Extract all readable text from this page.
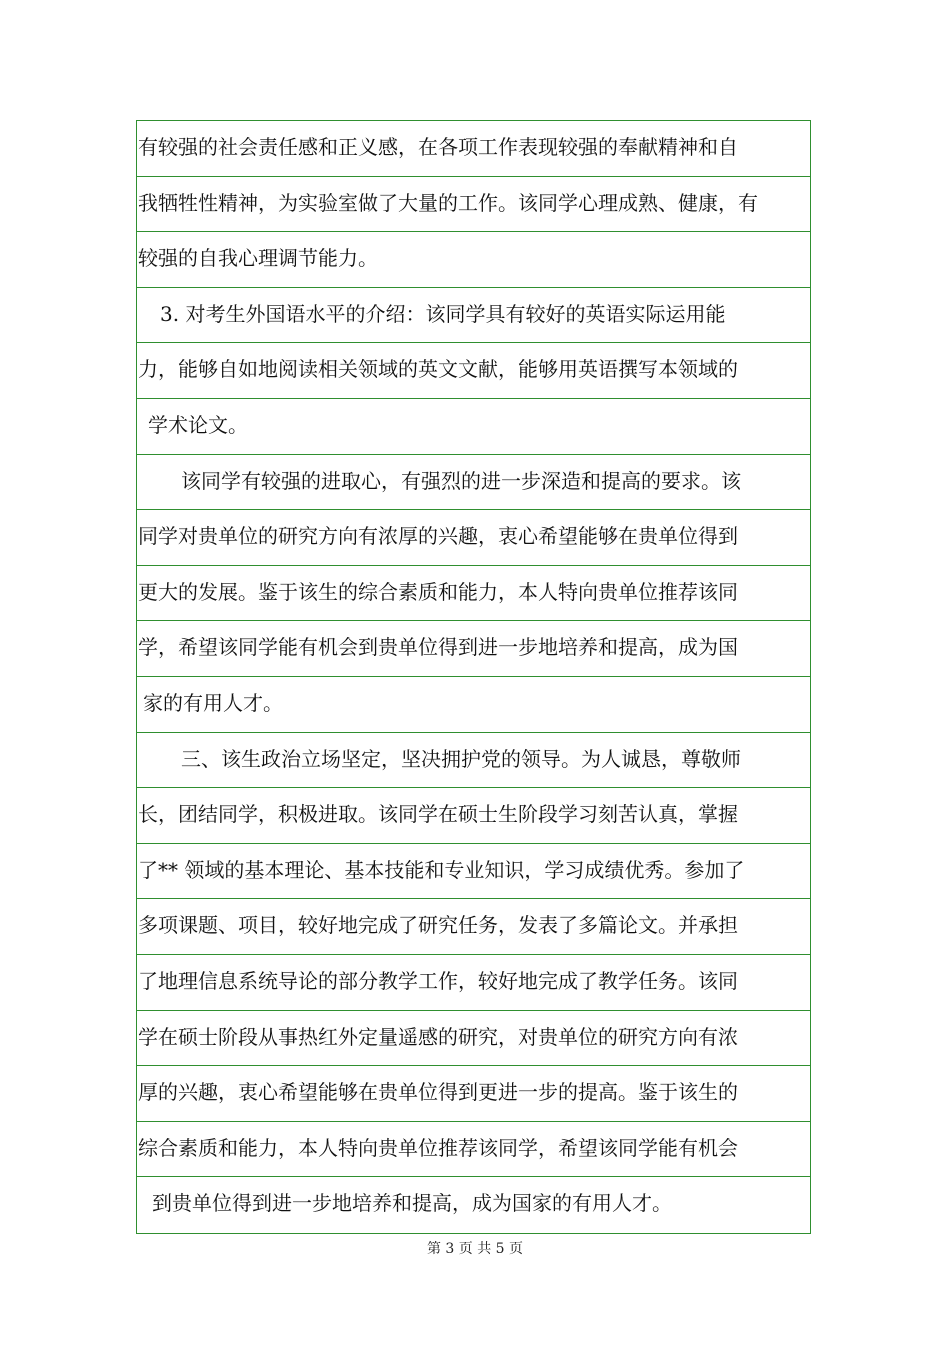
有较强的社会责任感和正义感，在各项工作表现较强的奉献精神和自
我牺牲性精神，为实验室做了大量的工作。该同学心理成熟、健康，有
较强的自我心理调节能力。
3. 对考生外国语水平的介绍：该同学具有较好的英语实际运用能
力，能够自如地阅读相关领域的英文文献，能够用英语撰写本领域的
学术论文。
该同学有较强的进取心，有强烈的进一步深造和提高的要求。该
同学对贵单位的研究方向有浓厚的兴趣，衷心希望能够在贵单位得到
更大的发展。鉴于该生的综合素质和能力，本人特向贵单位推荐该同
学，希望该同学能有机会到贵单位得到进一步地培养和提高，成为国
家的有用人才。
三、该生政治立场坚定，坚决拥护党的领导。为人诚恳，尊敬师
长，团结同学，积极进取。该同学在硕士生阶段学习刻苦认真，掌握
了** 领域的基本理论、基本技能和专业知识，学习成绩优秀。参加了
多项课题、项目，较好地完成了研究任务，发表了多篇论文。并承担
了地理信息系统导论的部分教学工作，较好地完成了教学任务。该同
学在硕士阶段从事热红外定量遥感的研究，对贵单位的研究方向有浓
厚的兴趣，衷心希望能够在贵单位得到更进一步的提高。鉴于该生的
综合素质和能力，本人特向贵单位推荐该同学，希望该同学能有机会
到贵单位得到进一步地培养和提高，成为国家的有用人才。
第 3 页 共 5 页
